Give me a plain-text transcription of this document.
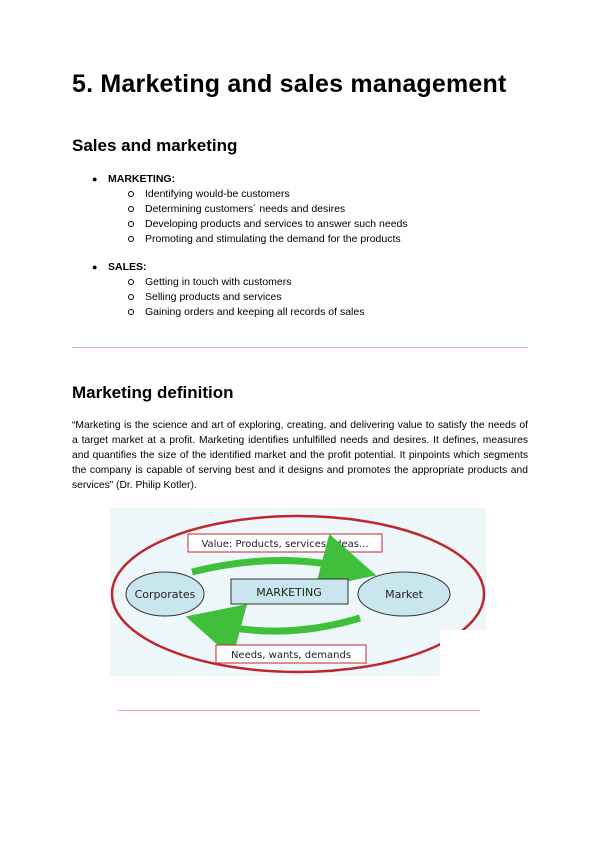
5. Marketing and sales management
Sales and marketing
●	MARKETING:
Identifying would-be customers
Determining customers´ needs and desires
Developing products and services to answer such needs
Promoting and stimulating the demand for the products
●	SALES:
Getting in touch with customers
Selling products and services
Gaining orders and keeping all records of sales
Marketing definition

“Marketing is the science and art of exploring, creating, and delivering value to satisfy the needs of a target market at a profit. Marketing identifies unfulfilled needs and desires. It defines, measures and quantifies the size of the identified market and the profit potential. It pinpoints which segments the company is capable of serving best and it designs and promotes the appropriate products and services” (Dr. Philip Kotler).

Value: Products, services, ideas...
Corporates	MARKETING	Market
Needs, wants, demands
